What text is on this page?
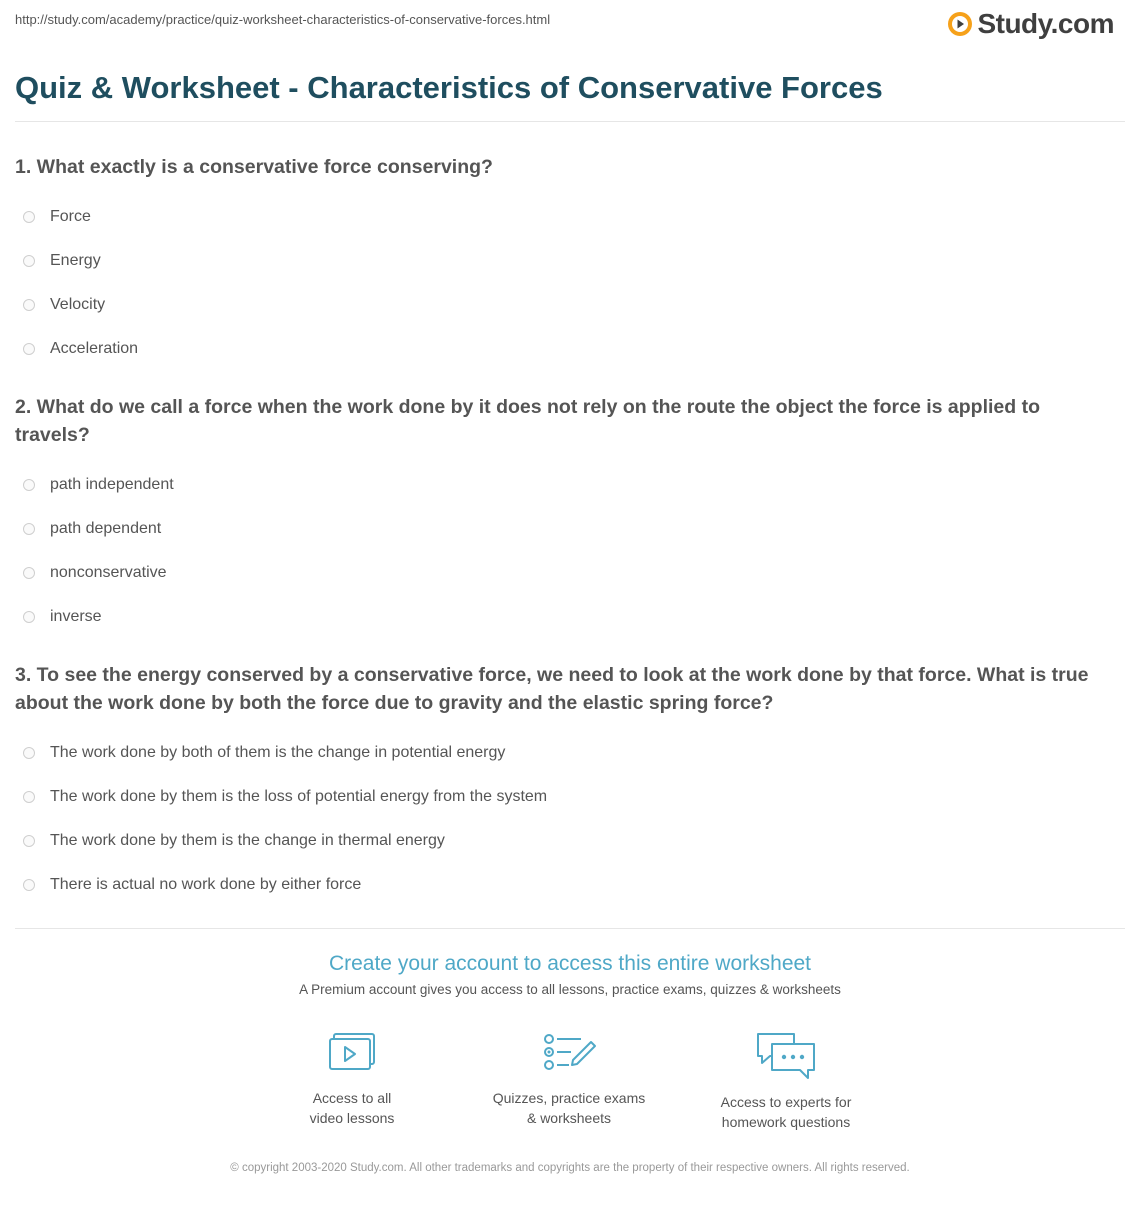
http://study.com/academy/practice/quiz-worksheet-characteristics-of-conservative-forces.html	Study.com
Quiz & Worksheet - Characteristics of Conservative Forces
1. What exactly is a conservative force conserving?
Force
Energy
Velocity
Acceleration
2. What do we call a force when the work done by it does not rely on the route the object the force is applied to travels?
path independent
path dependent
nonconservative
inverse
3. To see the energy conserved by a conservative force, we need to look at the work done by that force. What is true about the work done by both the force due to gravity and the elastic spring force?
The work done by both of them is the change in potential energy
The work done by them is the loss of potential energy from the system
The work done by them is the change in thermal energy
There is actual no work done by either force
Create your account to access this entire worksheet
A Premium account gives you access to all lessons, practice exams, quizzes & worksheets
Access to all
video lessons
Quizzes, practice exams
& worksheets
Access to experts for
homework questions
© copyright 2003-2020 Study.com. All other trademarks and copyrights are the property of their respective owners. All rights reserved.
